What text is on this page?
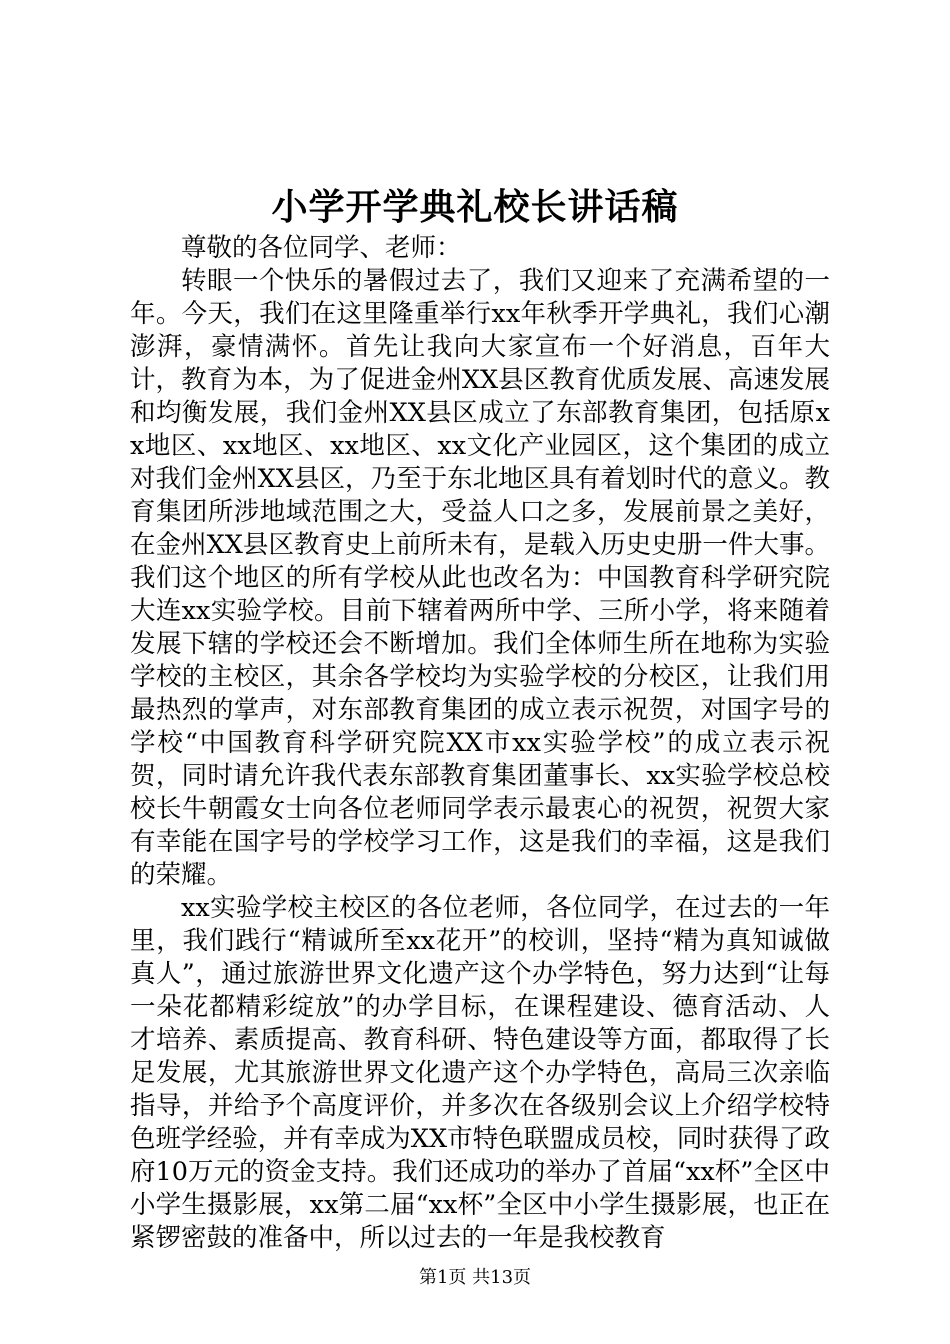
小学开学典礼校长讲话稿

尊敬的各位同学、老师：

转眼一个快乐的暑假过去了，我们又迎来了充满希望的一年。今天，我们在这里隆重举行xx年秋季开学典礼，我们心潮澎湃，豪情满怀。首先让我向大家宣布一个好消息，百年大计，教育为本，为了促进金州XX县区教育优质发展、高速发展和均衡发展，我们金州XX县区成立了东部教育集团，包括原xx地区、xx地区、xx地区、xx文化产业园区，这个集团的成立对我们金州XX县区，乃至于东北地区具有着划时代的意义。教育集团所涉地域范围之大，受益人口之多，发展前景之美好，在金州XX县区教育史上前所未有，是载入历史史册一件大事。我们这个地区的所有学校从此也改名为：中国教育科学研究院大连xx实验学校。目前下辖着两所中学、三所小学，将来随着发展下辖的学校还会不断增加。我们全体师生所在地称为实验学校的主校区，其余各学校均为实验学校的分校区，让我们用最热烈的掌声，对东部教育集团的成立表示祝贺，对国字号的学校“中国教育科学研究院XX市xx实验学校”的成立表示祝贺，同时请允许我代表东部教育集团董事长、xx实验学校总校校长牛朝霞女士向各位老师同学表示最衷心的祝贺，祝贺大家有幸能在国字号的学校学习工作，这是我们的幸福，这是我们的荣耀。

xx实验学校主校区的各位老师，各位同学，在过去的一年里，我们践行“精诚所至xx花开”的校训，坚持“精为真知诚做真人”，通过旅游世界文化遗产这个办学特色，努力达到“让每一朵花都精彩绽放”的办学目标，在课程建设、德育活动、人才培养、素质提高、教育科研、特色建设等方面，都取得了长足发展，尤其旅游世界文化遗产这个办学特色，高局三次亲临指导，并给予个高度评价，并多次在各级别会议上介绍学校特色班学经验，并有幸成为XX市特色联盟成员校，同时获得了政府10万元的资金支持。我们还成功的举办了首届“xx杯”全区中小学生摄影展，xx第二届“xx杯”全区中小学生摄影展，也正在紧锣密鼓的准备中，所以过去的一年是我校教育

第1页 共13页
